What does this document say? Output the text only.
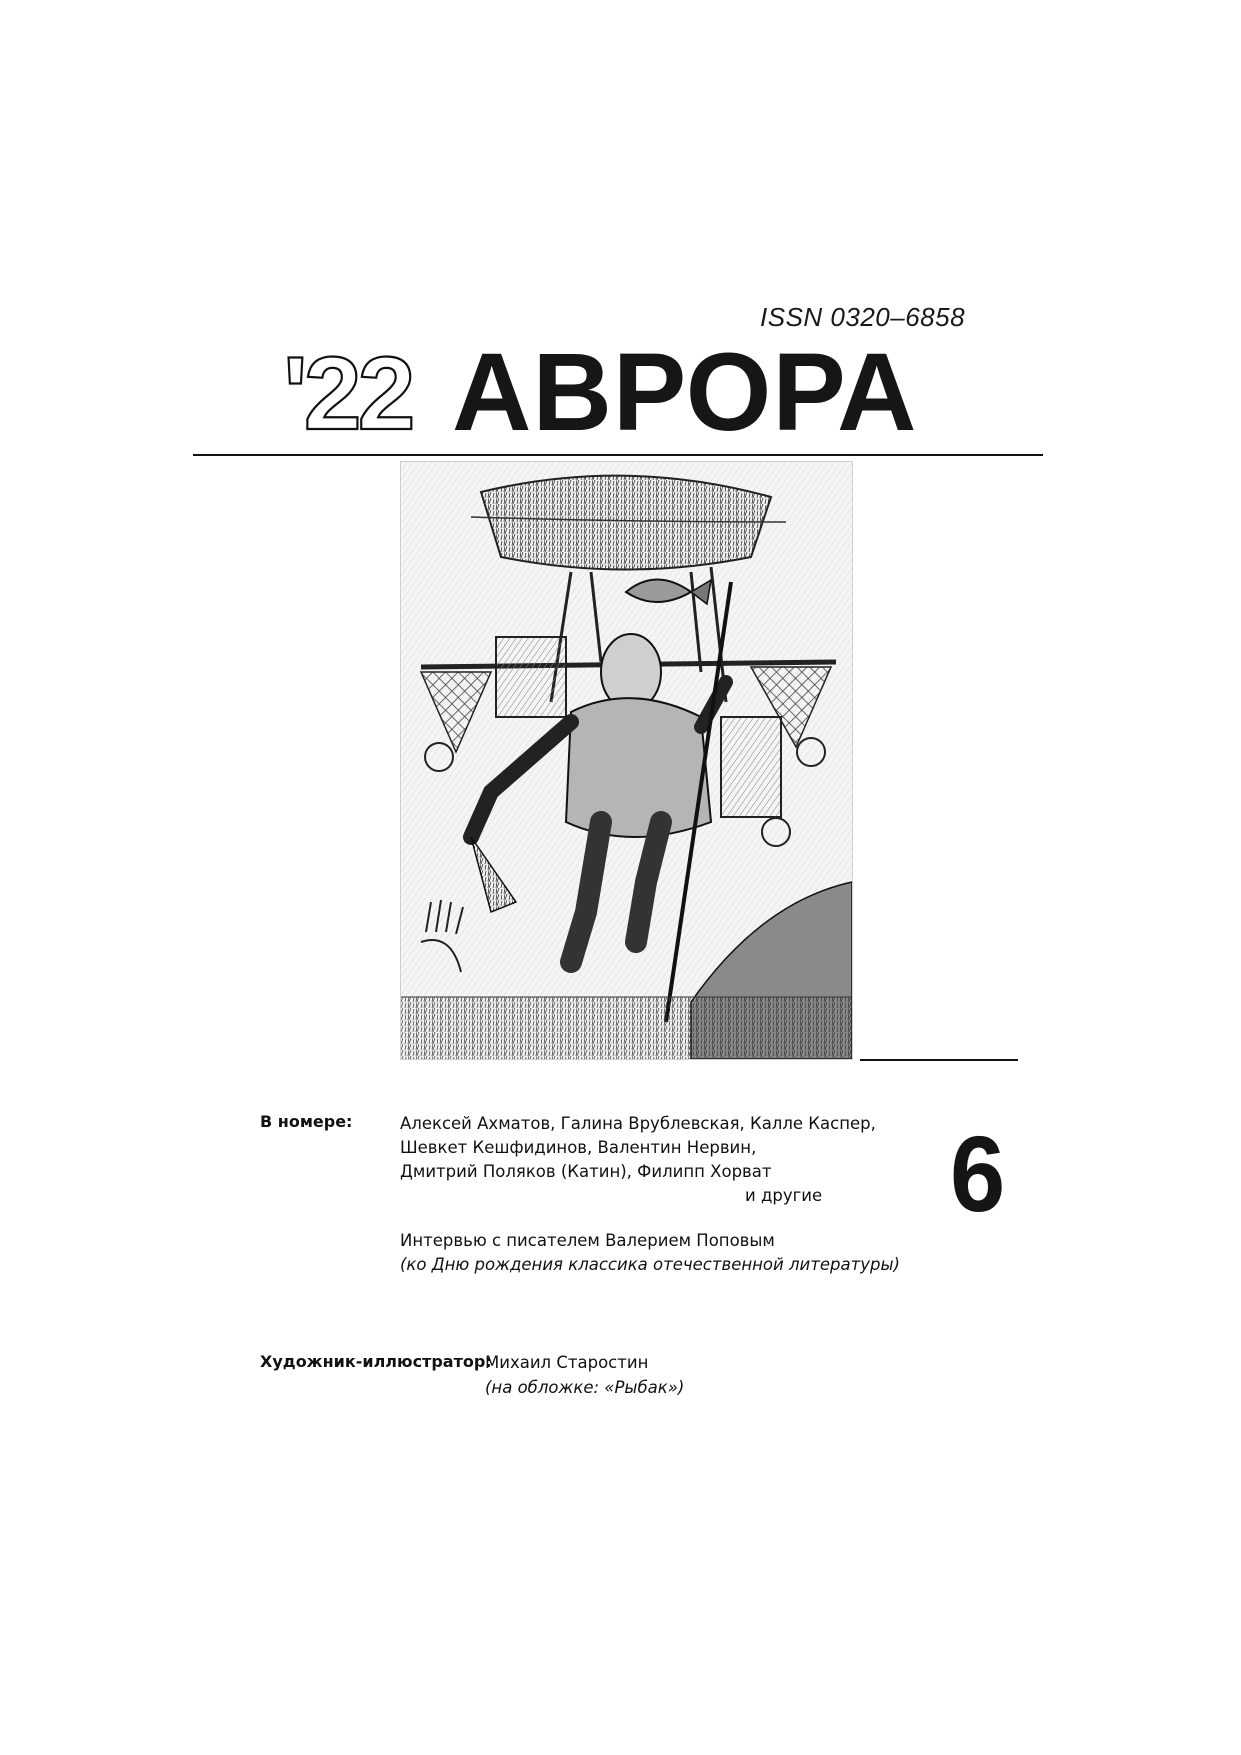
ISSN 0320–6858
'22 АВРОРА
В номере:	Алексей Ахматов, Галина Врублевская, Калле Каспер,
Шевкет Кешфидинов, Валентин Нервин,
Дмитрий Поляков (Катин), Филипп Хорват
и другие
Интервью с писателем Валерием Поповым
(ко Дню рождения классика отечественной литературы)
6
Художник-иллюстратор:
Михаил Старостин
(на обложке: «Рыбак»)
